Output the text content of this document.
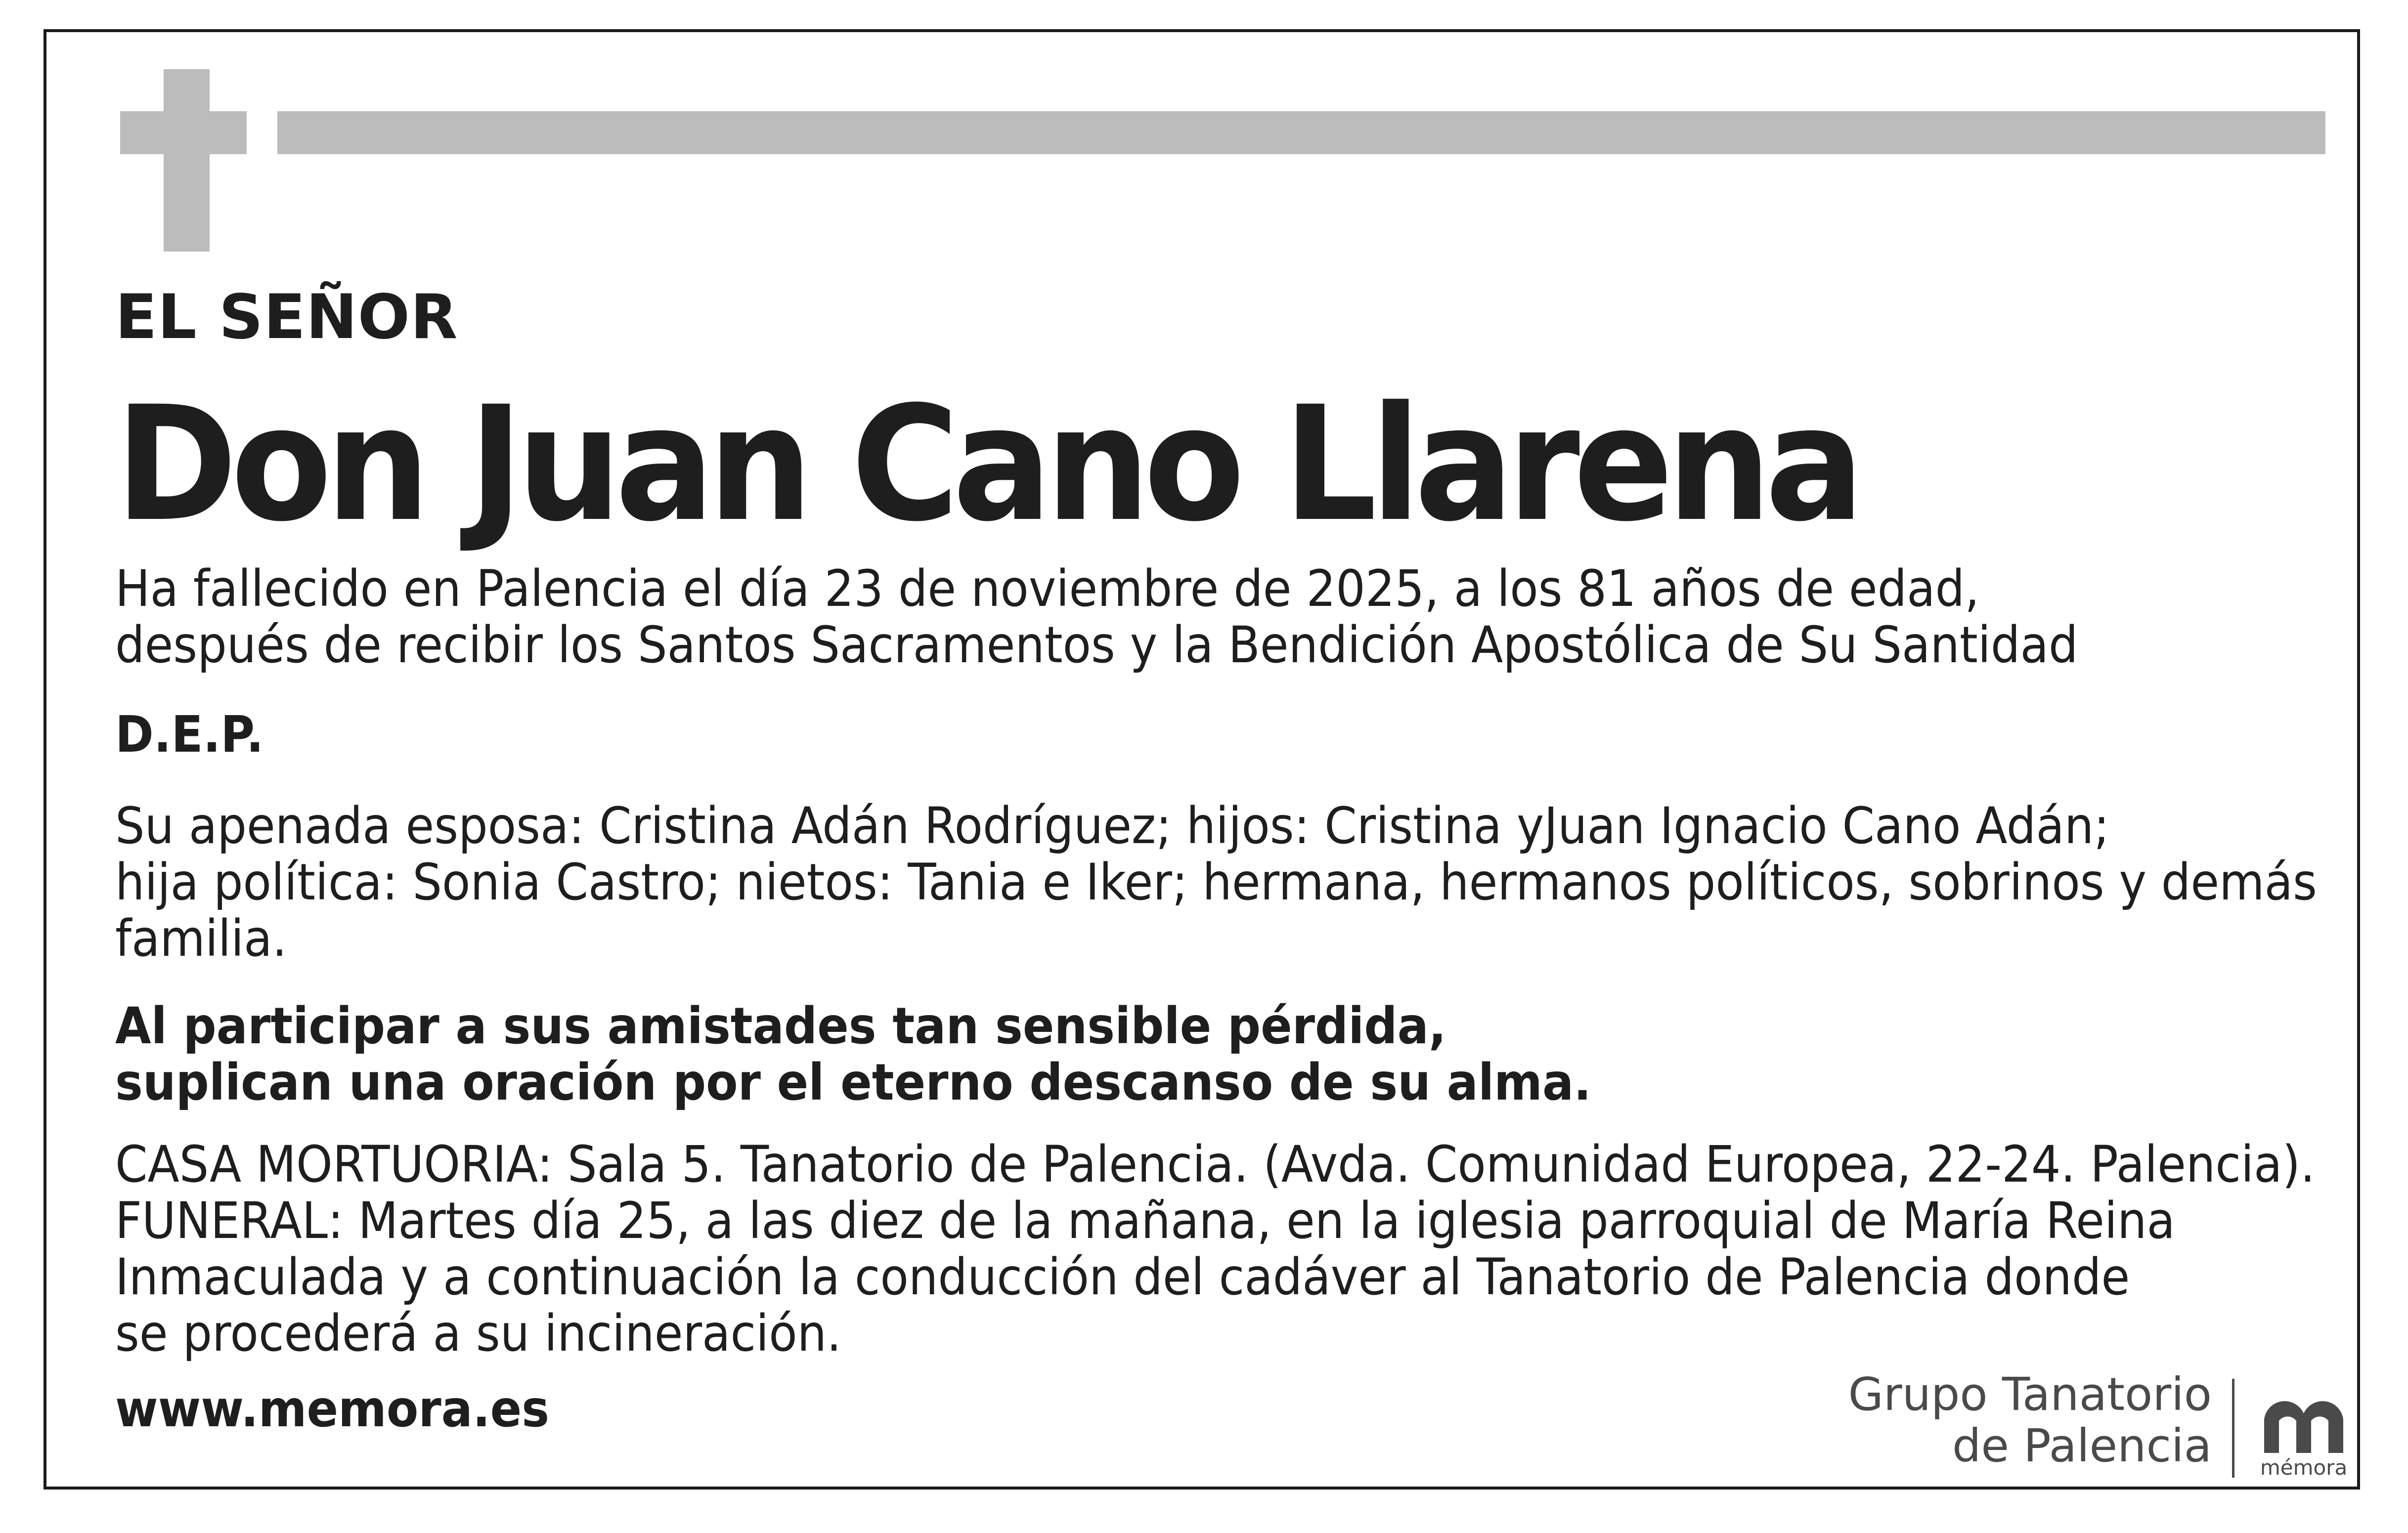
EL SEÑOR

Don Juan Cano Llarena

Ha fallecido en Palencia el día 23 de noviembre de 2025, a los 81 años de edad,

después de recibir los Santos Sacramentos y la Bendición Apostólica de Su Santidad

D.E.P.

Su apenada esposa: Cristina Adán Rodríguez; hijos: Cristina yJuan Ignacio Cano Adán;

hija política: Sonia Castro; nietos: Tania e Iker; hermana, hermanos políticos, sobrinos y demás

familia.

Al participar a sus amistades tan sensible pérdida,

suplican una oración por el eterno descanso de su alma.

CASA MORTUORIA: Sala 5. Tanatorio de Palencia. (Avda. Comunidad Europea, 22-24. Palencia).

FUNERAL: Martes día 25, a las diez de la mañana, en la iglesia parroquial de María Reina

Inmaculada y a continuación la conducción del cadáver al Tanatorio de Palencia donde

se procederá a su incineración.

www.memora.es	Grupo Tanatorio
de Palencia mémora
